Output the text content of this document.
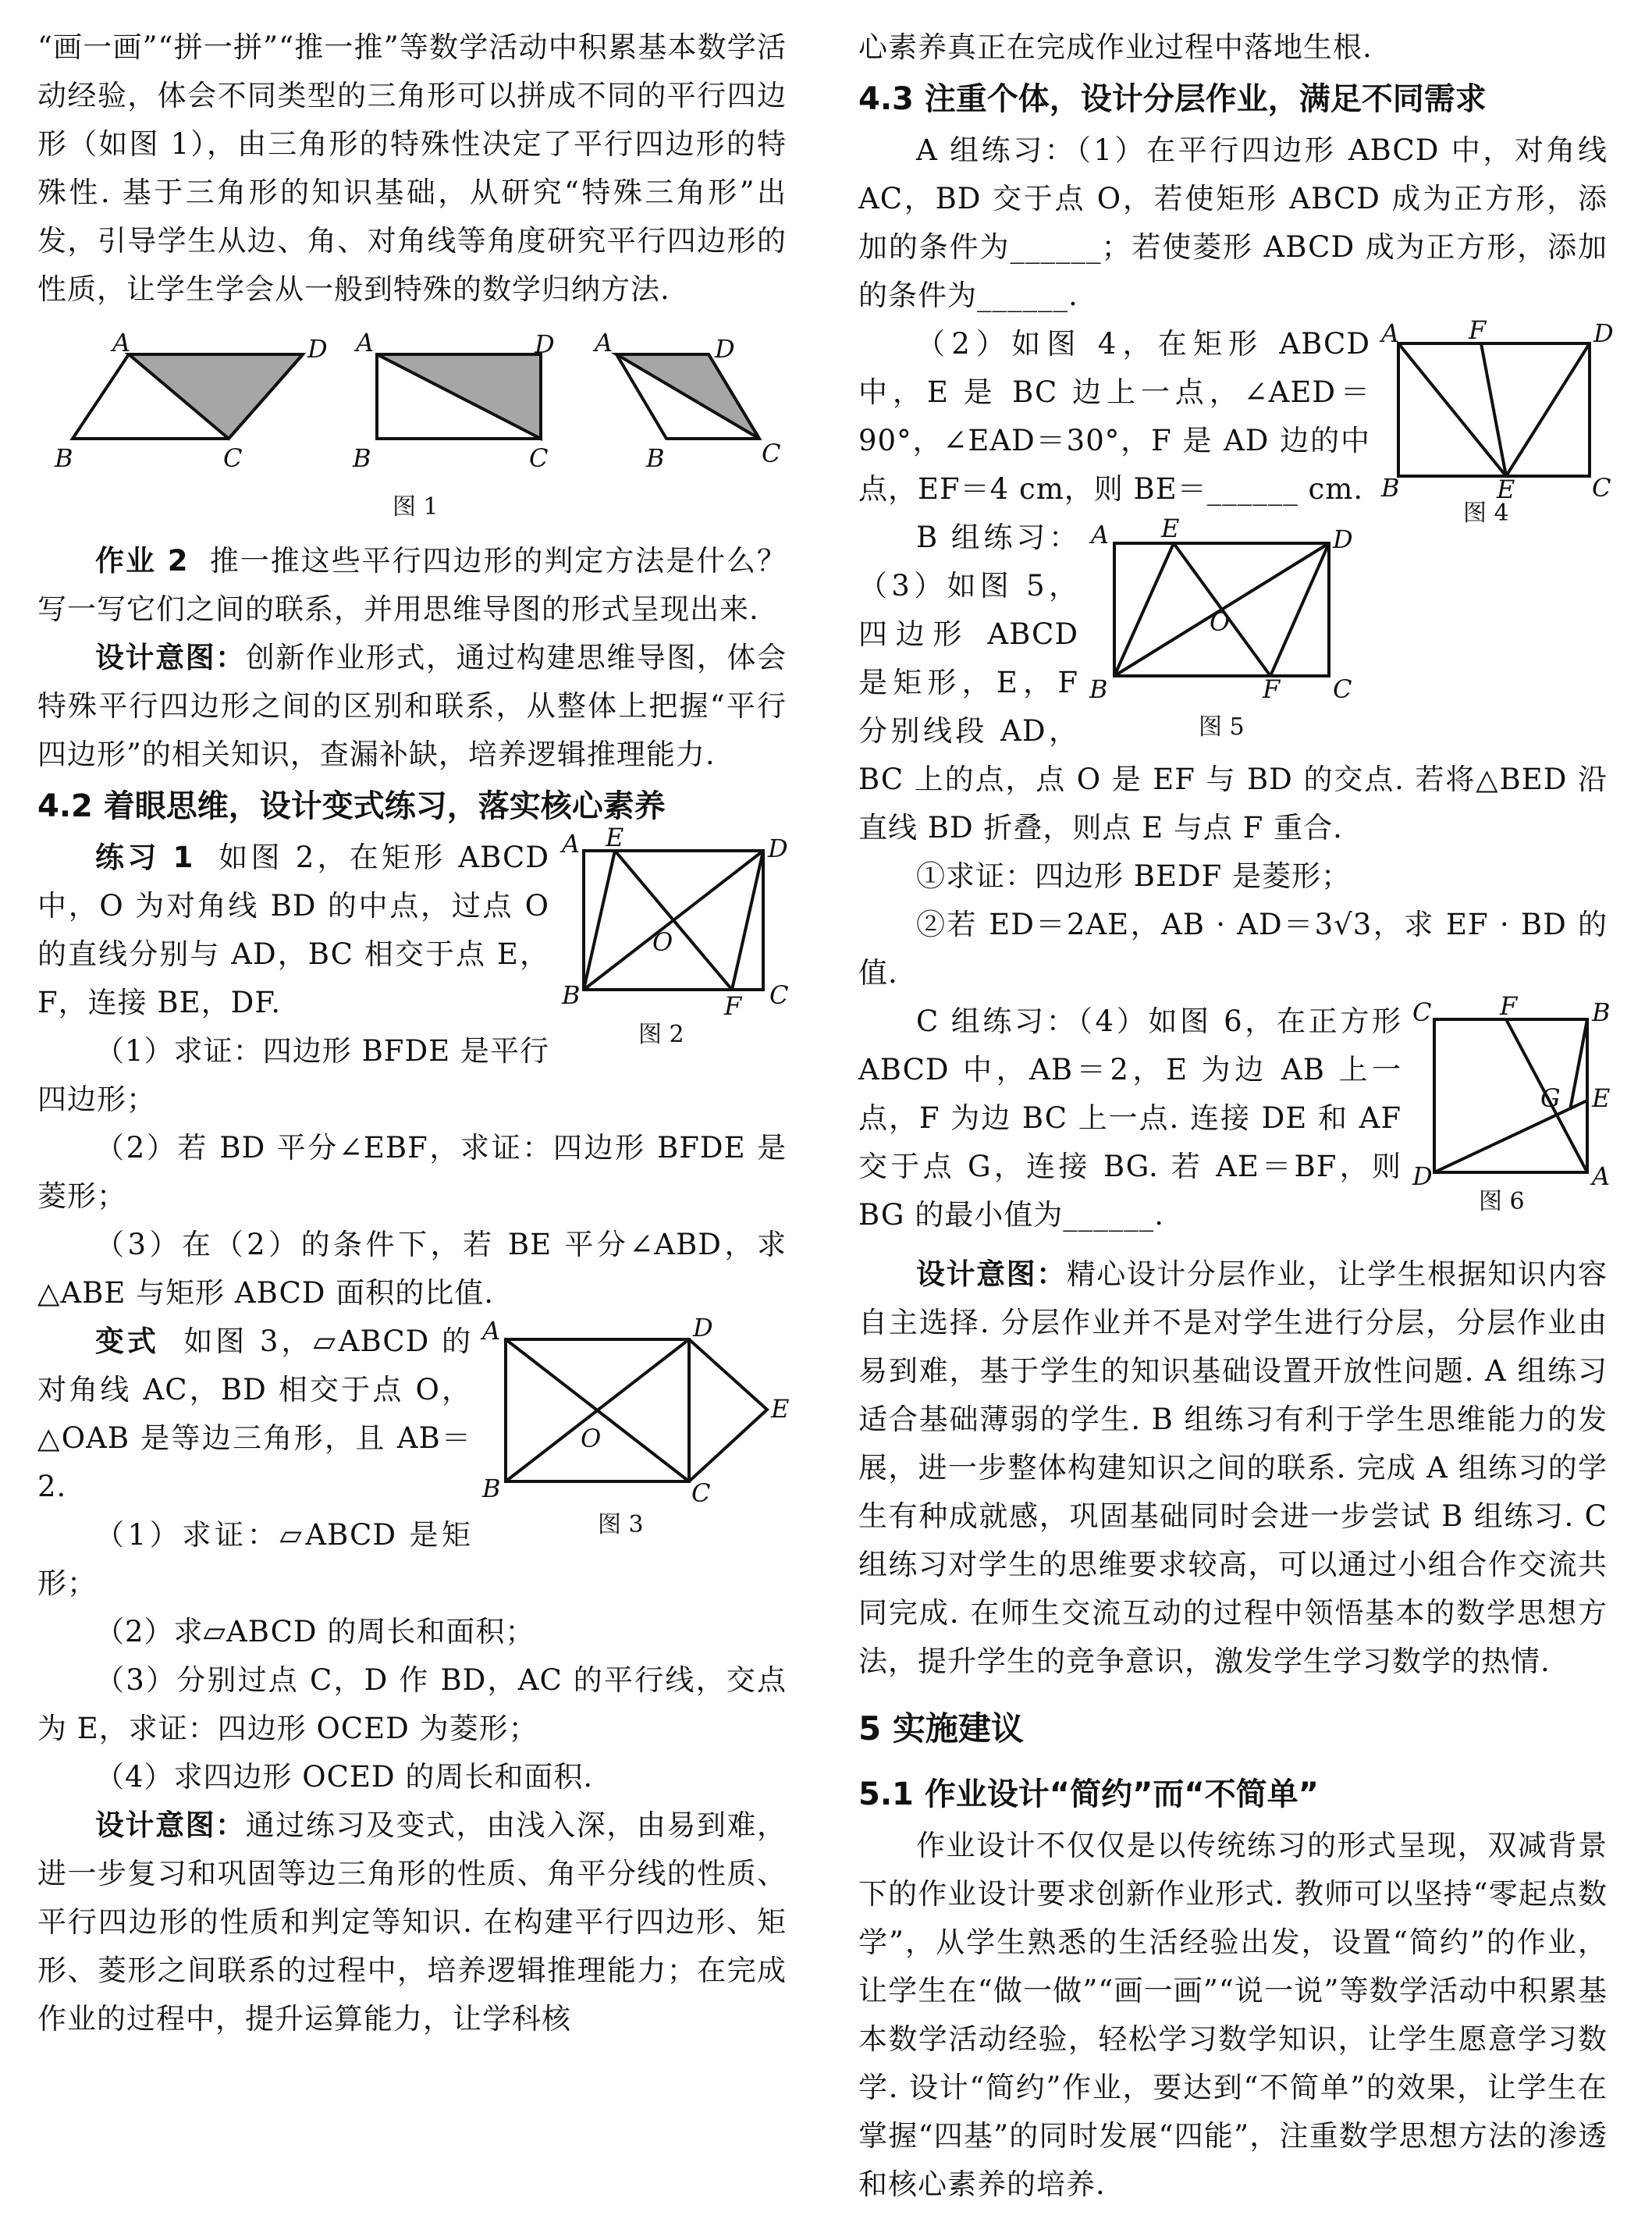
“画一画”“拼一拼”“推一推”等数学活动中积累基本数学活动经验，体会不同类型的三角形可以拼成不同的平行四边形（如图 1），由三角形的特殊性决定了平行四边形的特殊性. 基于三角形的知识基础，从研究“特殊三角形”出发，引导学生从边、角、对角线等角度研究平行四边形的性质，让学生学会从一般到特殊的数学归纳方法.

A	D
B	C
A	D
B	C
A	D
B	C
图 1

作业 2 推一推这些平行四边形的判定方法是什么？写一写它们之间的联系，并用思维导图的形式呈现出来.

设计意图：创新作业形式，通过构建思维导图，体会特殊平行四边形之间的区别和联系，从整体上把握“平行四边形”的相关知识，查漏补缺，培养逻辑推理能力.

4.2 着眼思维，设计变式练习，落实核心素养
A E	D
O
B	F C
图 2

练习 1 如图 2，在矩形 ABCD 中，O 为对角线 BD 的中点，过点 O 的直线分别与 AD，BC 相交于点 E，F，连接 BE，DF.

（1）求证：四边形 BFDE 是平行四边形；

（2）若 BD 平分∠EBF，求证：四边形 BFDE 是菱形；

（3）在（2）的条件下，若 BE 平分∠ABD，求△ABE 与矩形 ABCD 面积的比值.

A	D
E
O
B	C
图 3

变式 如图 3，▱ABCD 的对角线 AC，BD 相交于点 O，△OAB 是等边三角形，且 AB＝2.

（1）求证：▱ABCD 是矩形；

（2）求▱ABCD 的周长和面积；

（3）分别过点 C，D 作 BD，AC 的平行线，交点为 E，求证：四边形 OCED 为菱形；

（4）求四边形 OCED 的周长和面积.

设计意图：通过练习及变式，由浅入深，由易到难，进一步复习和巩固等边三角形的性质、角平分线的性质、平行四边形的性质和判定等知识. 在构建平行四边形、矩形、菱形之间联系的过程中，培养逻辑推理能力；在完成作业的过程中，提升运算能力，让学科核

心素养真正在完成作业过程中落地生根.

4.3 注重个体，设计分层作业，满足不同需求

A 组练习：（1）在平行四边形 ABCD 中，对角线 AC，BD 交于点 O，若使矩形 ABCD 成为正方形，添加的条件为______；若使菱形 ABCD 成为正方形，添加的条件为______.

A	F	D
B	E	C
图 4

（2）如图 4，在矩形 ABCD 中，E 是 BC 边上一点，∠AED＝90°，∠EAD＝30°，F 是 AD 边的中点，EF＝4 cm，则 BE＝______ cm.

A E	D
O
B	F C
图 5

B 组练习：（3）如图 5，四边形 ABCD 是矩形，E，F 分别线段 AD，BC 上的点，点 O 是 EF 与 BD 的交点. 若将△BED 沿直线 BD 折叠，则点 E 与点 F 重合.

①求证：四边形 BEDF 是菱形；

②若 ED＝2AE，AB · AD＝3√3，求 EF · BD 的值.

C	F	B
G E
D	A
图 6

C 组练习：（4）如图 6，在正方形 ABCD 中，AB＝2，E 为边 AB 上一点，F 为边 BC 上一点. 连接 DE 和 AF 交于点 G，连接 BG. 若 AE＝BF，则 BG 的最小值为______.

设计意图：精心设计分层作业，让学生根据知识内容自主选择. 分层作业并不是对学生进行分层，分层作业由易到难，基于学生的知识基础设置开放性问题. A 组练习适合基础薄弱的学生. B 组练习有利于学生思维能力的发展，进一步整体构建知识之间的联系. 完成 A 组练习的学生有种成就感，巩固基础同时会进一步尝试 B 组练习. C 组练习对学生的思维要求较高，可以通过小组合作交流共同完成. 在师生交流互动的过程中领悟基本的数学思想方法，提升学生的竞争意识，激发学生学习数学的热情.

5 实施建议
5.1 作业设计“简约”而“不简单”

作业设计不仅仅是以传统练习的形式呈现，双减背景下的作业设计要求创新作业形式. 教师可以坚持“零起点数学”，从学生熟悉的生活经验出发，设置“简约”的作业，让学生在“做一做”“画一画”“说一说”等数学活动中积累基本数学活动经验，轻松学习数学知识，让学生愿意学习数学. 设计“简约”作业，要达到“不简单”的效果，让学生在掌握“四基”的同时发展“四能”，注重数学思想方法的渗透和核心素养的培养.
